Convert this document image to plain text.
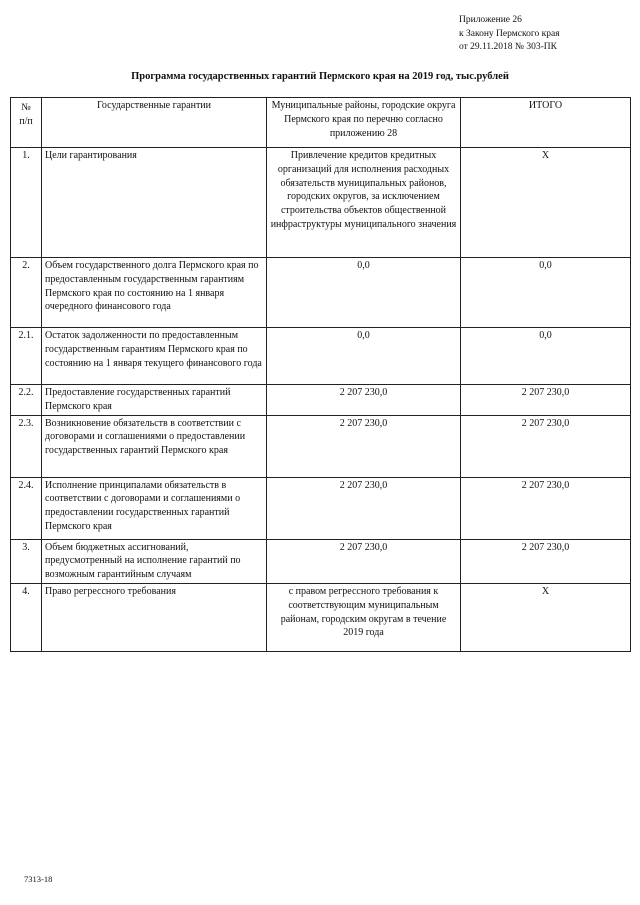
Приложение 26
к Закону Пермского края
от 29.11.2018 № 303-ПК
Программа государственных гарантий Пермского края на 2019 год, тыс.рублей
№ п/п	Государственные гарантии	Муниципальные районы, городские округа Пермского края по перечню согласно приложению 28	ИТОГО
1.	Цели гарантирования	Привлечение кредитов кредитных организаций для исполнения расходных обязательств муниципальных районов, городских округов, за исключением строительства объектов общественной инфраструктуры муниципального значения	Х
2.	Объем государственного долга Пермского края по предоставленным государственным гарантиям Пермского края по состоянию на 1 января очередного финансового года	0,0	0,0
2.1.	Остаток задолженности по предоставленным государственным гарантиям Пермского края по состоянию на 1 января текущего финансового года	0,0	0,0
2.2.	Предоставление государственных гарантий Пермского края	2 207 230,0	2 207 230,0
2.3.	Возникновение обязательств в соответствии с договорами и соглашениями о предоставлении государственных гарантий Пермского края	2 207 230,0	2 207 230,0
2.4.	Исполнение принципалами обязательств в соответствии с договорами и соглашениями о предоставлении государственных гарантий Пермского края	2 207 230,0	2 207 230,0
3.	Объем бюджетных ассигнований, предусмотренный на исполнение гарантий по возможным гарантийным случаям	2 207 230,0	2 207 230,0
4.	Право регрессного требования	с правом регрессного требования к соответствующим муниципальным районам, городским округам в течение 2019 года	Х
7313-18
